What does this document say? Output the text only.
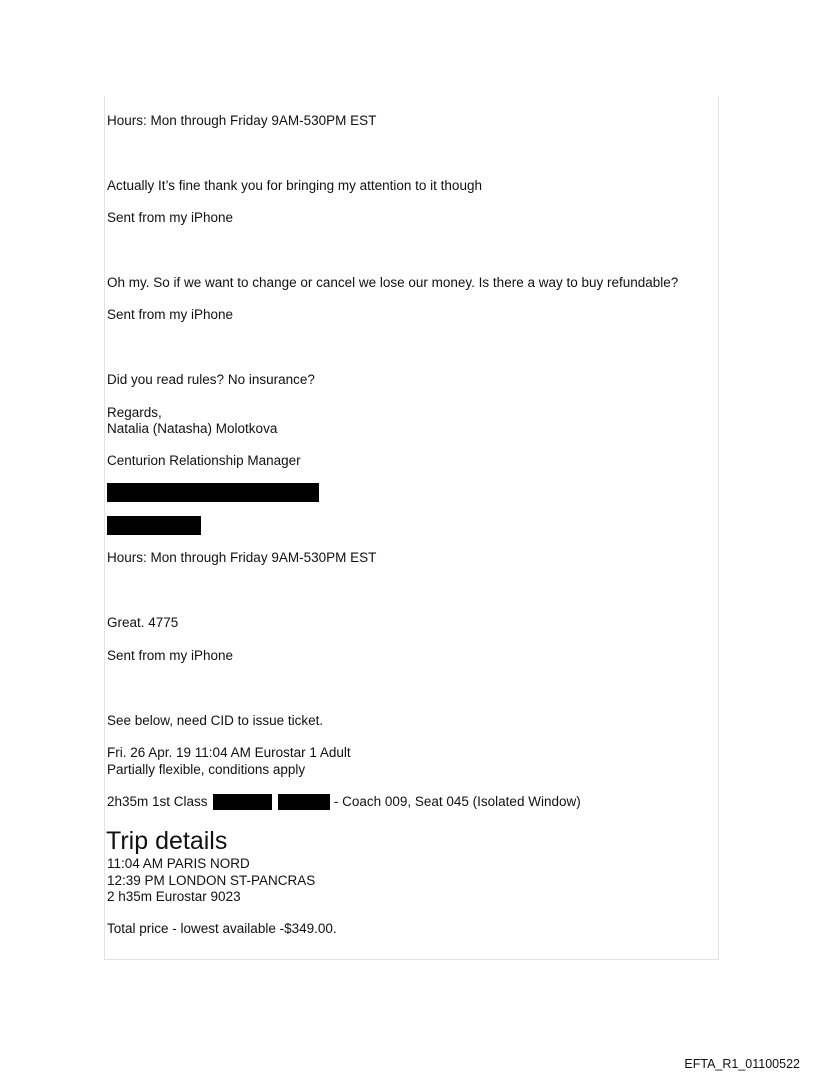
Hours: Mon through Friday 9AM-530PM EST
Actually It’s fine thank you for bringing my attention to it though
Sent from my iPhone
Oh my. So if we want to change or cancel we lose our money. Is there a way to buy refundable?
Sent from my iPhone
Did you read rules? No insurance?
Regards,
Natalia (Natasha) Molotkova
Centurion Relationship Manager
Hours: Mon through Friday 9AM-530PM EST
Great. 4775
Sent from my iPhone
See below, need CID to issue ticket.
Fri. 26 Apr. 19 11:04 AM Eurostar 1 Adult
Partially flexible, conditions apply
2h35m 1st Class	- Coach 009, Seat 045 (Isolated Window)
Trip details
11:04 AM PARIS NORD
12:39 PM LONDON ST-PANCRAS
2 h35m Eurostar 9023
Total price - lowest available -$349.00.
EFTA_R1_01100522
